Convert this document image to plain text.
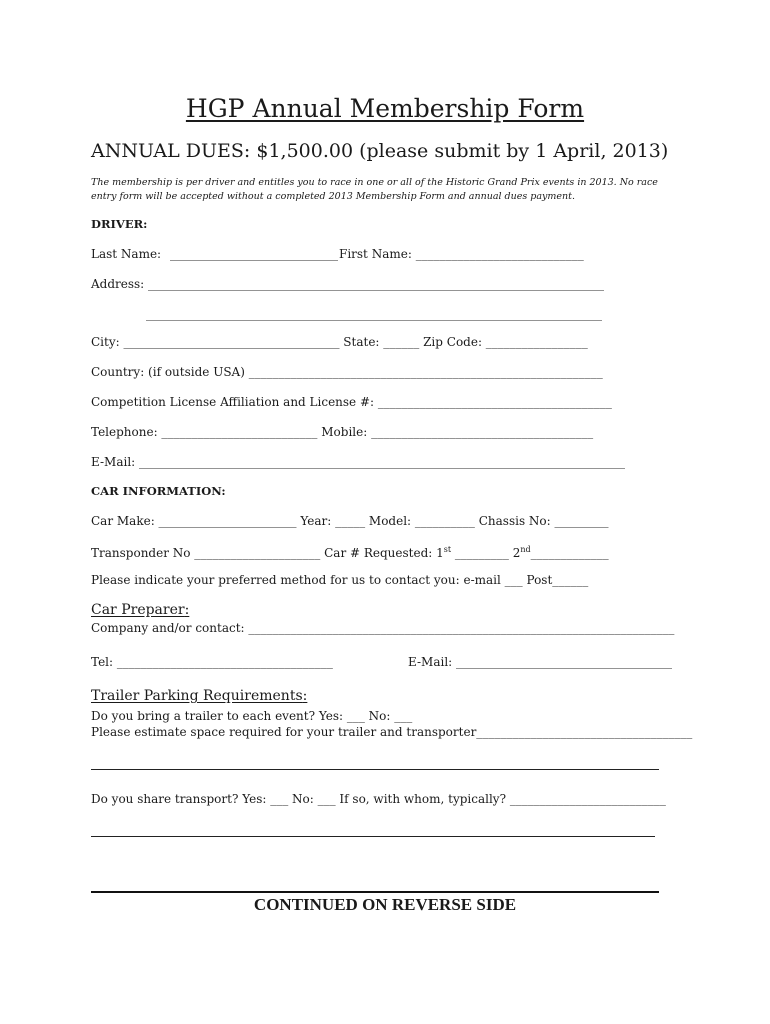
HGP Annual Membership Form
ANNUAL DUES: $1,500.00 (please submit by 1 April, 2013)
The membership is per driver and entitles you to race in one or all of the Historic Grand Prix events in 2013. No race entry form will be accepted without a completed 2013 Membership Form and annual dues payment.
DRIVER:
Last Name: ____________________________ First Name: ____________________________
Address: ____________________________________________________________________________
____________________________________________________________________________
City: ____________________________________ State: ______ Zip Code: _________________
Country: (if outside USA) ___________________________________________________________
Competition License Affiliation and License #: _______________________________________
Telephone: __________________________ Mobile: _____________________________________
E-Mail: _________________________________________________________________________________
CAR INFORMATION:
Car Make: _______________________ Year: _____ Model: __________ Chassis No: _________
Transponder No _____________________ Car # Requested: 1st _________ 2nd_____________
Please indicate your preferred method for us to contact you: e-mail ___ Post______
Car Preparer:
Company and/or contact: _______________________________________________________________________
Tel: ____________________________________	E-Mail: ____________________________________
Trailer Parking Requirements:
Do you bring a trailer to each event? Yes: ___ No: ___
Please estimate space required for your trailer and transporter____________________________________
Do you share transport? Yes: ___ No: ___ If so, with whom, typically? __________________________
CONTINUED ON REVERSE SIDE
